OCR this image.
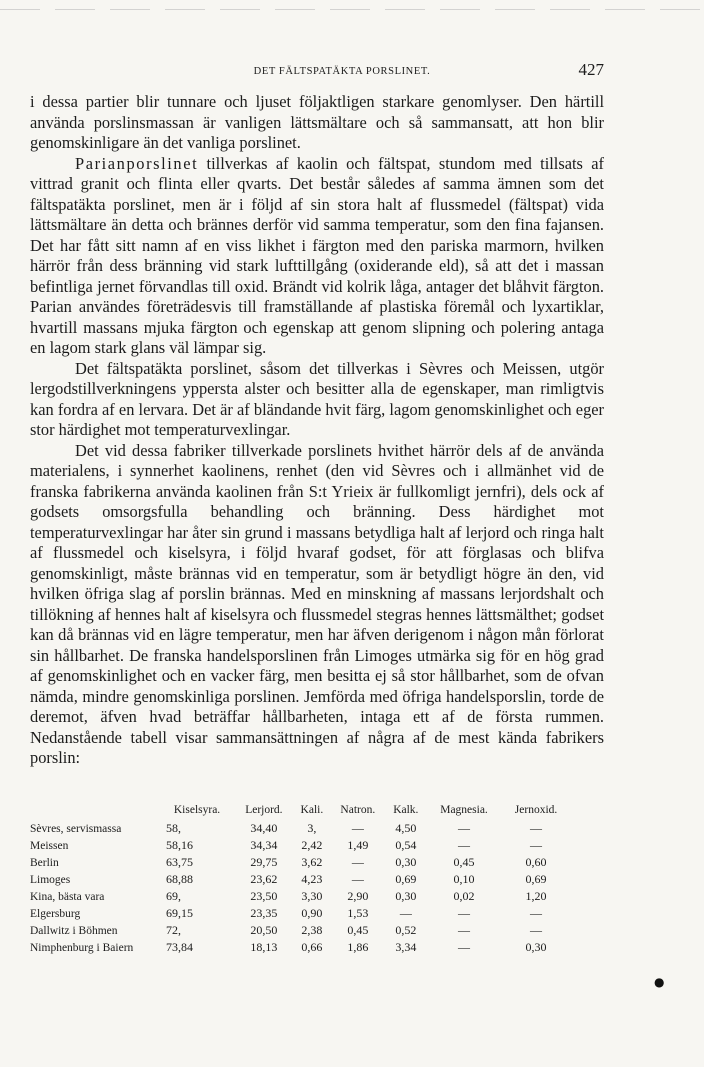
DET FÄLTSPATÄKTA PORSLINET.	427

i dessa partier blir tunnare och ljuset följaktligen starkare genomlyser. Den härtill använda porslinsmassan är vanligen lättsmältare och så sammansatt, att hon blir genomskinligare än det vanliga porslinet.

Parianporslinet tillverkas af kaolin och fältspat, stundom med tillsats af vittrad granit och flinta eller qvarts. Det består således af samma ämnen som det fältspatäkta porslinet, men är i följd af sin stora halt af flussmedel (fältspat) vida lättsmältare än detta och brännes derför vid samma temperatur, som den fina fajansen. Det har fått sitt namn af en viss likhet i färgton med den pariska marmorn, hvilken härrör från dess bränning vid stark lufttillgång (oxiderande eld), så att det i massan befintliga jernet förvandlas till oxid. Brändt vid kolrik låga, antager det blåhvit färgton. Parian användes företrädesvis till framställande af plastiska föremål och lyxartiklar, hvartill massans mjuka färgton och egenskap att genom slipning och polering antaga en lagom stark glans väl lämpar sig.

Det fältspatäkta porslinet, såsom det tillverkas i Sèvres och Meissen, utgör lergodstillverkningens yppersta alster och besitter alla de egenskaper, man rimligtvis kan fordra af en lervara. Det är af bländande hvit färg, lagom genomskinlighet och eger stor härdighet mot temperaturvexlingar.

Det vid dessa fabriker tillverkade porslinets hvithet härrör dels af de använda materialens, i synnerhet kaolinens, renhet (den vid Sèvres och i allmänhet vid de franska fabrikerna använda kaolinen från S:t Yrieix är fullkomligt jernfri), dels ock af godsets omsorgsfulla behandling och bränning. Dess härdighet mot temperaturvexlingar har åter sin grund i massans betydliga halt af lerjord och ringa halt af flussmedel och kiselsyra, i följd hvaraf godset, för att förglasas och blifva genomskinligt, måste brännas vid en temperatur, som är betydligt högre än den, vid hvilken öfriga slag af porslin brännas. Med en minskning af massans lerjordshalt och tillökning af hennes halt af kiselsyra och flussmedel stegras hennes lättsmälthet; godset kan då brännas vid en lägre temperatur, men har äfven derigenom i någon mån förlorat sin hållbarhet. De franska handelsporslinen från Limoges utmärka sig för en hög grad af genomskinlighet och en vacker färg, men besitta ej så stor hållbarhet, som de ofvan nämda, mindre genomskinliga porslinen. Jemförda med öfriga handelsporslin, torde de deremot, äfven hvad beträffar hållbarheten, intaga ett af de första rummen. Nedanstående tabell visar sammansättningen af några af de mest kända fabrikers porslin:

	Kiselsyra.	Lerjord.	Kali.	Natron.	Kalk.	Magnesia.	Jernoxid.
Sèvres, servismassa	58,	34,40	3,	—	4,50	—	—
Meissen	58,16	34,34	2,42	1,49	0,54	—	—
Berlin	63,75	29,75	3,62	—	0,30	0,45	0,60
Limoges	68,88	23,62	4,23	—	0,69	0,10	0,69
Kina, bästa vara	69,	23,50	3,30	2,90	0,30	0,02	1,20
Elgersburg	69,15	23,35	0,90	1,53	—	—	—
Dallwitz i Böhmen	72,	20,50	2,38	0,45	0,52	—	—
Nimphenburg i Baiern	73,84	18,13	0,66	1,86	3,34	—	0,30
●
